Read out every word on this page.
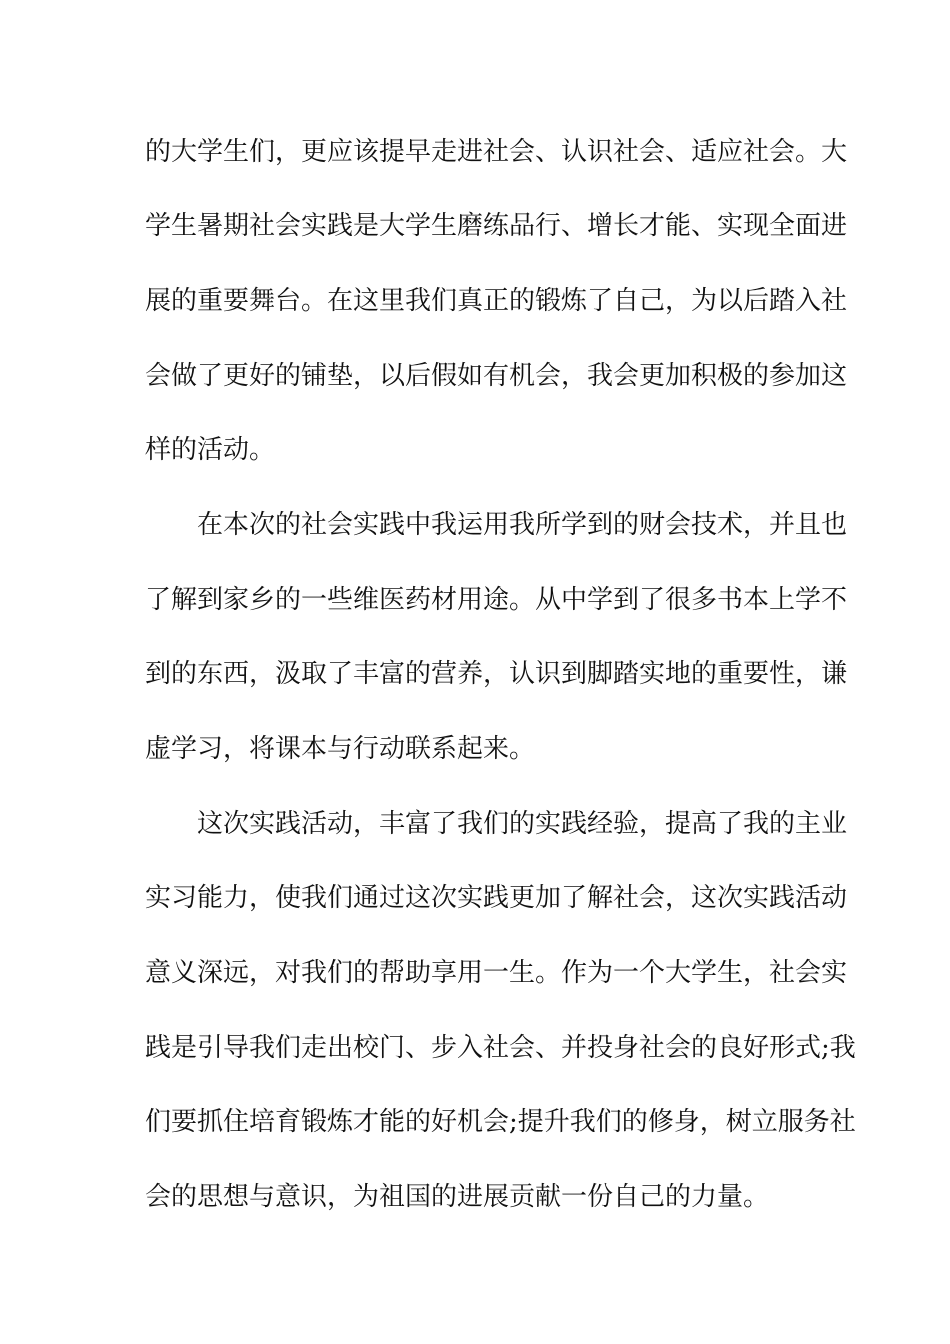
的大学生们，更应该提早走进社会、认识社会、适应社会。大
学生暑期社会实践是大学生磨练品行、增长才能、实现全面进
展的重要舞台。在这里我们真正的锻炼了自己，为以后踏入社
会做了更好的铺垫，以后假如有机会，我会更加积极的参加这
样的活动。
　　在本次的社会实践中我运用我所学到的财会技术，并且也
了解到家乡的一些维医药材用途。从中学到了很多书本上学不
到的东西，汲取了丰富的营养，认识到脚踏实地的重要性，谦
虚学习，将课本与行动联系起来。
　　这次实践活动，丰富了我们的实践经验，提高了我的主业
实习能力，使我们通过这次实践更加了解社会，这次实践活动
意义深远，对我们的帮助享用一生。作为一个大学生，社会实
践是引导我们走出校门、步入社会、并投身社会的良好形式;我
们要抓住培育锻炼才能的好机会;提升我们的修身，树立服务社
会的思想与意识，为祖国的进展贡献一份自己的力量。
